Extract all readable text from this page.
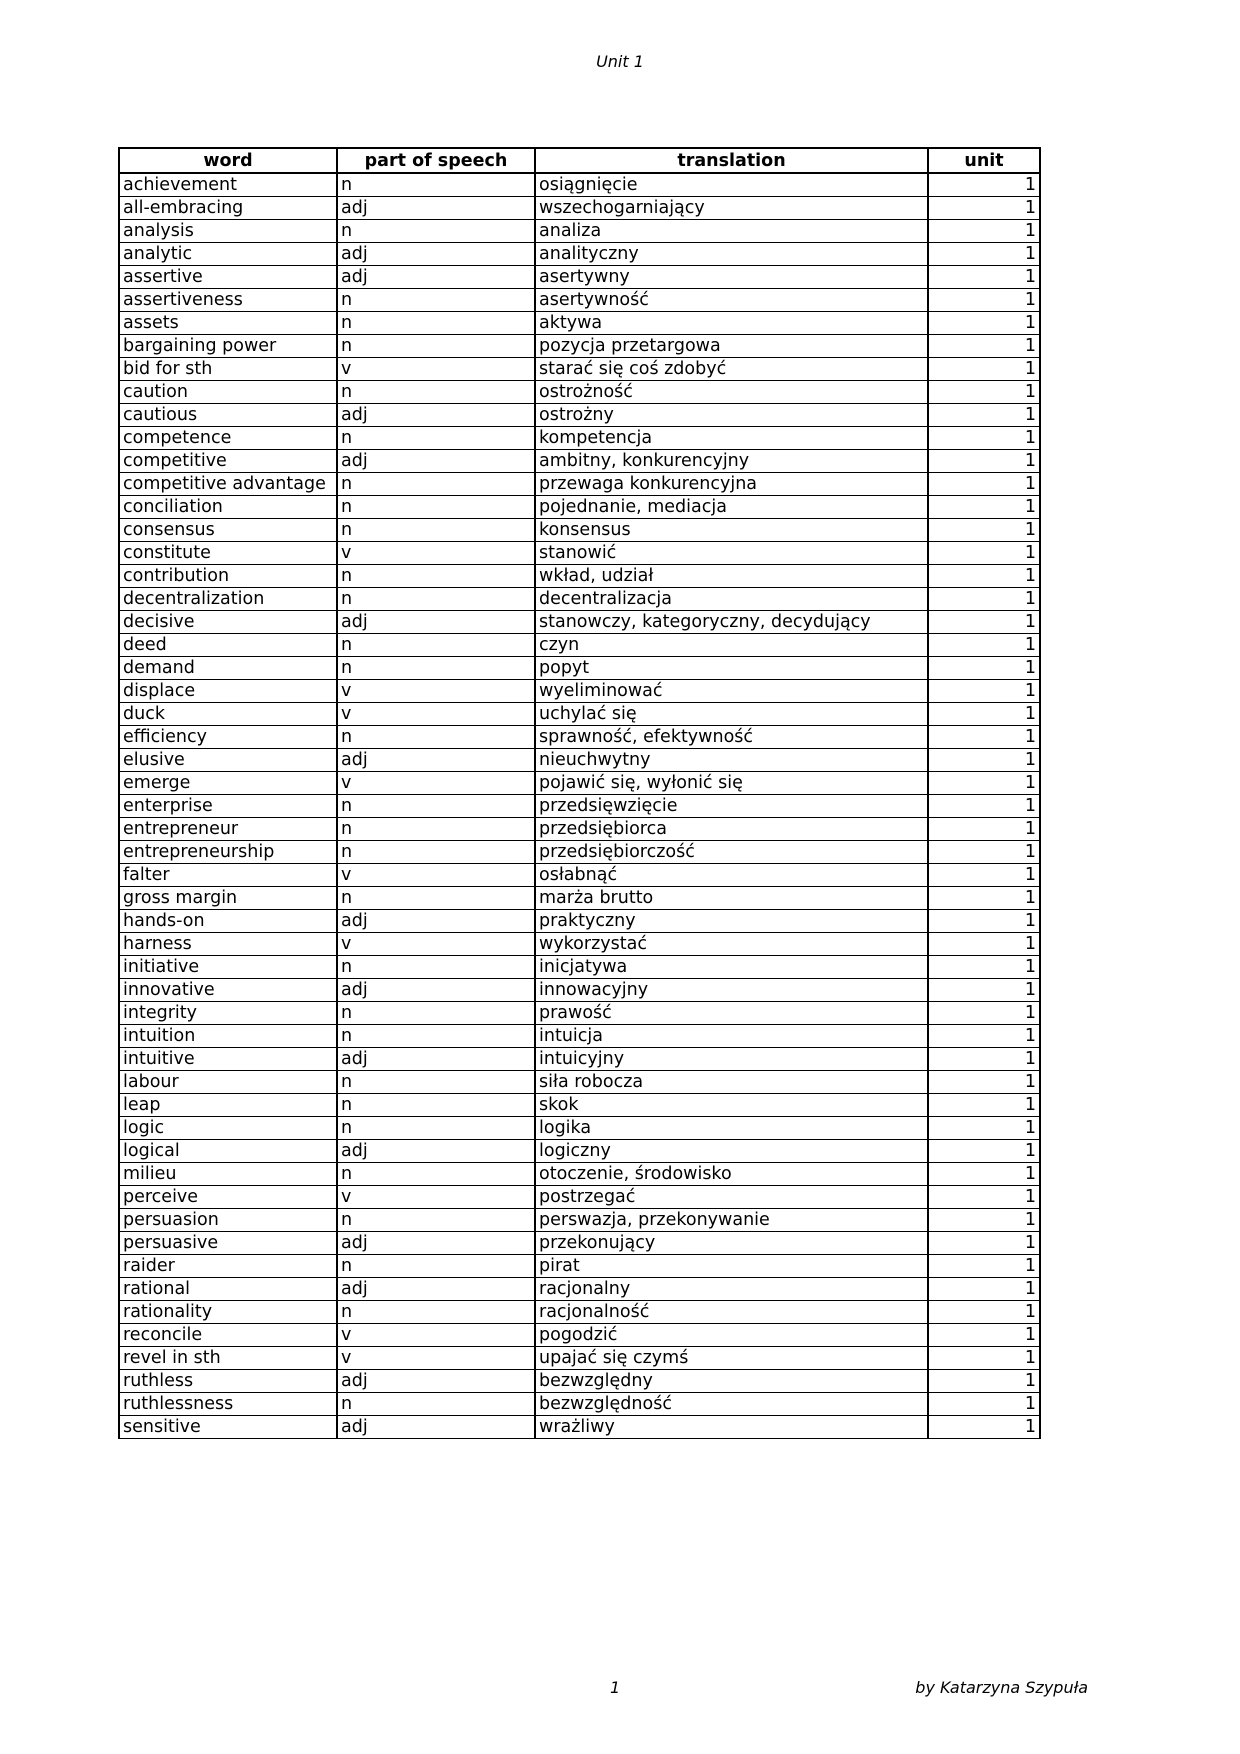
Unit 1
word	part of speech	translation	unit
achievement	n	osiągnięcie	1
all-embracing	adj	wszechogarniający	1
analysis	n	analiza	1
analytic	adj	analityczny	1
assertive	adj	asertywny	1
assertiveness	n	asertywność	1
assets	n	aktywa	1
bargaining power	n	pozycja przetargowa	1
bid for sth	v	starać się coś zdobyć	1
caution	n	ostrożność	1
cautious	adj	ostrożny	1
competence	n	kompetencja	1
competitive	adj	ambitny, konkurencyjny	1
competitive advantage	n	przewaga konkurencyjna	1
conciliation	n	pojednanie, mediacja	1
consensus	n	konsensus	1
constitute	v	stanowić	1
contribution	n	wkład, udział	1
decentralization	n	decentralizacja	1
decisive	adj	stanowczy, kategoryczny, decydujący	1
deed	n	czyn	1
demand	n	popyt	1
displace	v	wyeliminować	1
duck	v	uchylać się	1
efficiency	n	sprawność, efektywność	1
elusive	adj	nieuchwytny	1
emerge	v	pojawić się, wyłonić się	1
enterprise	n	przedsięwzięcie	1
entrepreneur	n	przedsiębiorca	1
entrepreneurship	n	przedsiębiorczość	1
falter	v	osłabnąć	1
gross margin	n	marża brutto	1
hands-on	adj	praktyczny	1
harness	v	wykorzystać	1
initiative	n	inicjatywa	1
innovative	adj	innowacyjny	1
integrity	n	prawość	1
intuition	n	intuicja	1
intuitive	adj	intuicyjny	1
labour	n	siła robocza	1
leap	n	skok	1
logic	n	logika	1
logical	adj	logiczny	1
milieu	n	otoczenie, środowisko	1
perceive	v	postrzegać	1
persuasion	n	perswazja, przekonywanie	1
persuasive	adj	przekonujący	1
raider	n	pirat	1
rational	adj	racjonalny	1
rationality	n	racjonalność	1
reconcile	v	pogodzić	1
revel in sth	v	upajać się czymś	1
ruthless	adj	bezwzględny	1
ruthlessness	n	bezwzględność	1
sensitive	adj	wrażliwy	1
1	by Katarzyna Szypuła
